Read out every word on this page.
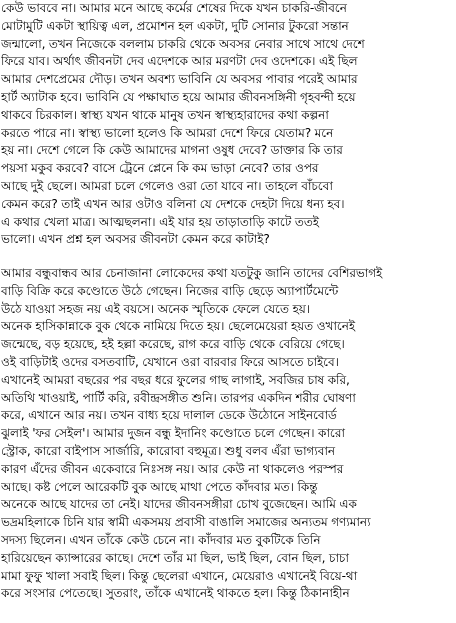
কেউ ভাববে না। আমার মনে আছে কর্মের শেষের দিকে যখন চাকরি-জীবনে
মোটামুটি একটা স্থায়িত্ব এল, প্রমোশন হল একটা, দুটি সোনার টুকরো সন্তান
জন্মালো, তখন নিজেকে বললাম চাকরি থেকে অবসর নেবার সাথে সাথে দেশে
ফিরে যাব। অর্থাৎ জীবনটা দেব এদেশকে আর মরণটা দেব ওদেশকে। এই ছিল
আমার দেশপ্রেমের দৌড়। তখন অবশ্য ভাবিনি যে অবসর পাবার পরেই আমার
হার্ট অ্যাটাক হবে। ভাবিনি যে পক্ষাঘাত হয়ে আমার জীবনসঙ্গিনী গৃহবন্দী হয়ে
থাকবে চিরকাল। স্বাস্থ্য যখন থাকে মানুষ তখন স্বাস্থ্যহারাদের কথা কল্পনা
করতে পারে না। স্বাস্থ্য ভালো হলেও কি আমরা দেশে ফিরে যেতাম? মনে
হয় না। দেশে গেলে কি কেউ আমাদের মাগনা ওষুধ দেবে? ডাক্তার কি তার
পয়সা মকুব করবে? বাসে ট্রেনে প্লেনে কি কম ভাড়া নেবে? তার ওপর
আছে দুই ছেলে। আমরা চলে গেলেও ওরা তো যাবে না। তাহলে বাঁচবো
কেমন করে? তাই এখন আর ওটাও বলিনা যে দেশকে দেহটা দিয়ে ধন্য হব।
এ কথার খেলা মাত্র। আত্মছলনা। এই যার হয় তাড়াতাড়ি কাটে ততই
ভালো। এখন প্রশ্ন হল অবসর জীবনটা কেমন করে কাটাই?
আমার বন্ধুবান্ধব আর চেনাজানা লোকেদের কথা যতটুকু জানি তাদের বেশিরভাগই
বাড়ি বিক্রি করে কণ্ডোতে উঠে গেছেন। নিজের বাড়ি ছেড়ে অ্যাপার্টমেন্টে
উঠে যাওয়া সহজ নয় এই বয়সে। অনেক স্মৃতিকে ফেলে যেতে হয়।
অনেক হাসিকান্নাকে বুক থেকে নামিয়ে দিতে হয়। ছেলেমেয়েরা হয়ত ওখানেই
জন্মেছে, বড় হয়েছে, হই হল্লা করেছে, রাগ করে বাড়ি থেকে বেরিয়ে গেছে।
ওই বাড়িটাই ওদের বসতবাটি, যেখানে ওরা বারবার ফিরে আসতে চাইবে।
এখানেই আমরা বছরের পর বছর ধরে ফুলের গাছ লাগাই, সবজির চাষ করি,
অতিথি খাওয়াই, পার্টি করি, রবীন্দ্রসঙ্গীত শুনি। তারপর একদিন শরীর ঘোষণা
করে, এখানে আর নয়। তখন বাধ্য হয়ে দালাল ডেকে উঠোনে সাইনবোর্ড
ঝুলাই 'ফর সেইল'। আমার দুজন বন্ধু ইদানিং কণ্ডোতে চলে গেছেন। কারো
স্ট্রোক, কারো বাইপাস সার্জারি, কারোবা বহুমূত্র। শুধু বলব এঁরা ভাগ্যবান
কারণ এঁদের জীবন একেবারে নিঃসঙ্গ নয়। আর কেউ না থাকলেও পরস্পর
আছে। কষ্ট পেলে আরেকটি বুক আছে মাথা পেতে কাঁদবার মত। কিন্তু
অনেকে আছে যাদের তা নেই। যাদের জীবনসঙ্গীরা চোখ বুজেছেন। আমি এক
ভদ্রমহিলাকে চিনি যার স্বামী একসময় প্রবাসী বাঙালি সমাজের অন্যতম গণ্যমান্য
সদস্য ছিলেন। এখন তাঁকে কেউ চেনে না। কাঁদবার মত বুকটিকে তিনি
হারিয়েছেন ক্যান্সারের কাছে। দেশে তাঁর মা ছিল, ভাই ছিল, বোন ছিল, চাচা
মামা ফুফু খালা সবাই ছিল। কিন্তু ছেলেরা এখানে, মেয়েরাও এখানেই বিয়ে-থা
করে সংসার পেতেছে। সুতরাং, তাঁকে এখানেই থাকতে হল। কিন্তু ঠিকানাহীন
